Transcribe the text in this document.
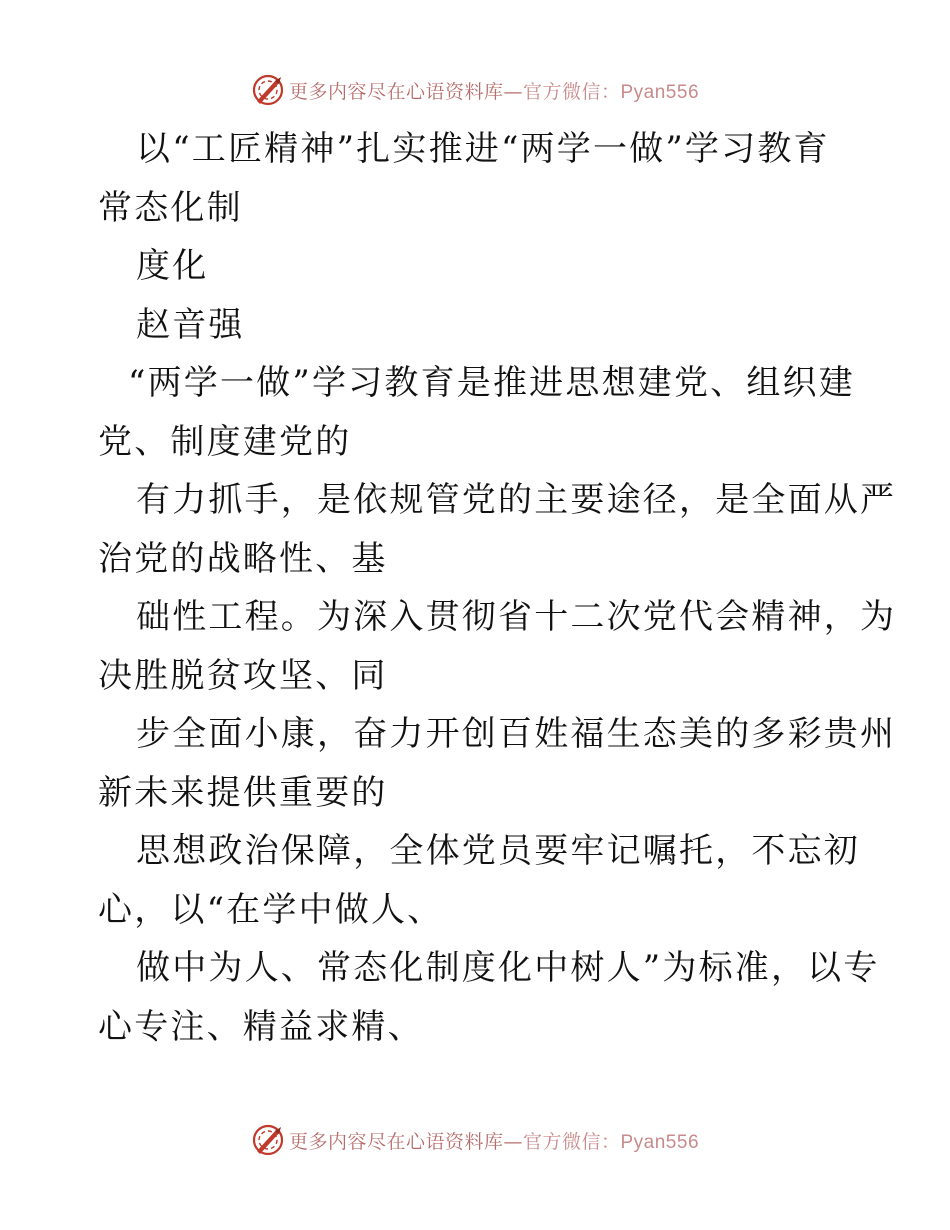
更多内容尽在心语资料库—官方微信：Pyan556
以“工匠精神”扎实推进“两学一做”学习教育
常态化制
度化
赵音强
“两学一做”学习教育是推进思想建党、组织建
党、制度建党的
有力抓手，是依规管党的主要途径，是全面从严
治党的战略性、基
础性工程。为深入贯彻省十二次党代会精神，为
决胜脱贫攻坚、同
步全面小康，奋力开创百姓福生态美的多彩贵州
新未来提供重要的
思想政治保障，全体党员要牢记嘱托，不忘初
心，以“在学中做人、
做中为人、常态化制度化中树人”为标准，以专
心专注、精益求精、
更多内容尽在心语资料库—官方微信：Pyan556
